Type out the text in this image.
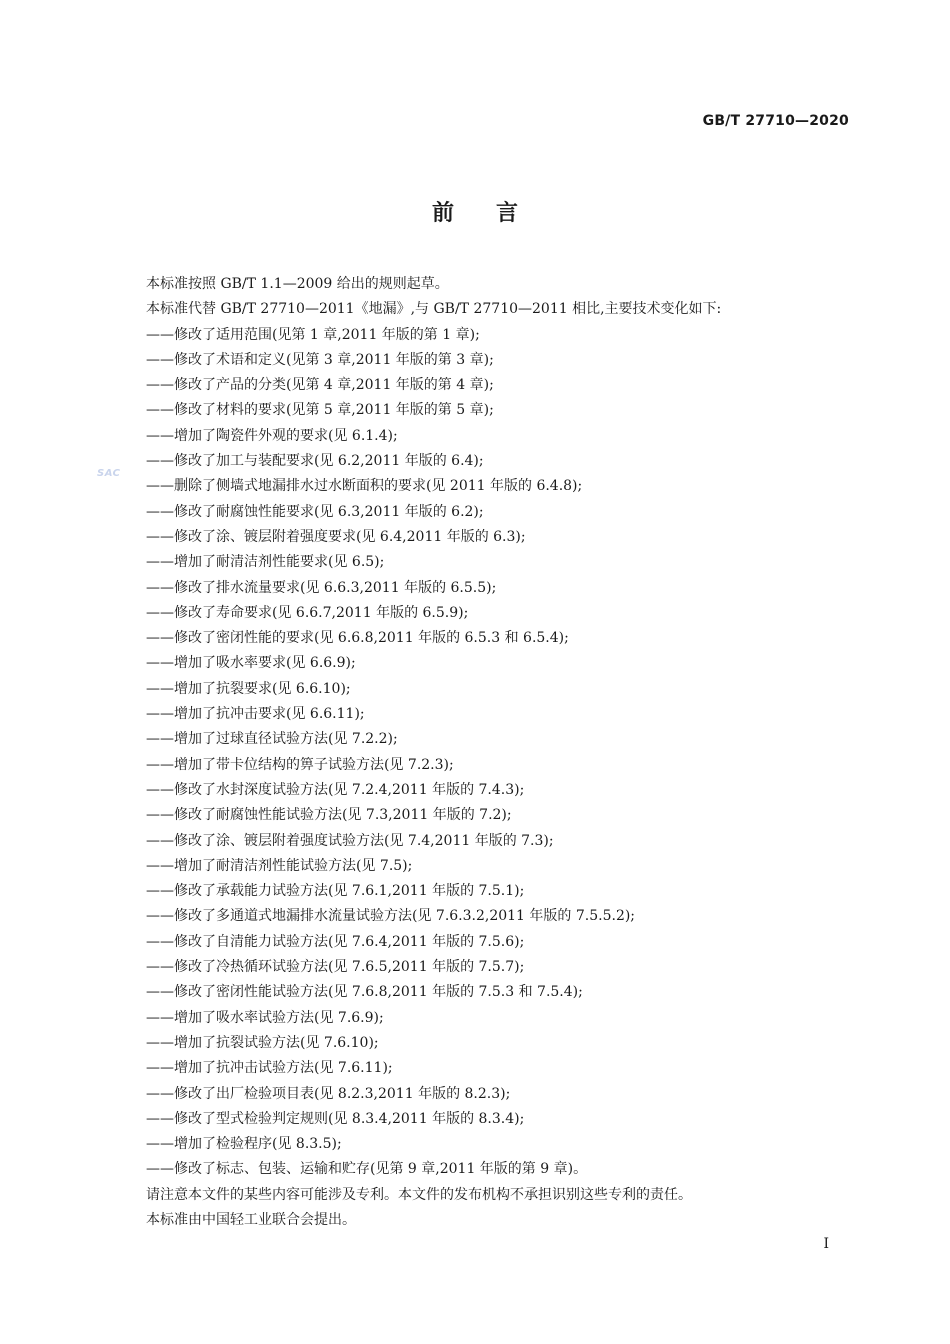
GB/T 27710—2020
前言
SAC
本标准按照 GB/T 1.1—2009 给出的规则起草。
本标准代替 GB/T 27710—2011《地漏》,与 GB/T 27710—2011 相比,主要技术变化如下:
——修改了适用范围(见第 1 章,2011 年版的第 1 章);
——修改了术语和定义(见第 3 章,2011 年版的第 3 章);
——修改了产品的分类(见第 4 章,2011 年版的第 4 章);
——修改了材料的要求(见第 5 章,2011 年版的第 5 章);
——增加了陶瓷件外观的要求(见 6.1.4);
——修改了加工与装配要求(见 6.2,2011 年版的 6.4);
——删除了侧墙式地漏排水过水断面积的要求(见 2011 年版的 6.4.8);
——修改了耐腐蚀性能要求(见 6.3,2011 年版的 6.2);
——修改了涂、镀层附着强度要求(见 6.4,2011 年版的 6.3);
——增加了耐清洁剂性能要求(见 6.5);
——修改了排水流量要求(见 6.6.3,2011 年版的 6.5.5);
——修改了寿命要求(见 6.6.7,2011 年版的 6.5.9);
——修改了密闭性能的要求(见 6.6.8,2011 年版的 6.5.3 和 6.5.4);
——增加了吸水率要求(见 6.6.9);
——增加了抗裂要求(见 6.6.10);
——增加了抗冲击要求(见 6.6.11);
——增加了过球直径试验方法(见 7.2.2);
——增加了带卡位结构的箅子试验方法(见 7.2.3);
——修改了水封深度试验方法(见 7.2.4,2011 年版的 7.4.3);
——修改了耐腐蚀性能试验方法(见 7.3,2011 年版的 7.2);
——修改了涂、镀层附着强度试验方法(见 7.4,2011 年版的 7.3);
——增加了耐清洁剂性能试验方法(见 7.5);
——修改了承载能力试验方法(见 7.6.1,2011 年版的 7.5.1);
——修改了多通道式地漏排水流量试验方法(见 7.6.3.2,2011 年版的 7.5.5.2);
——修改了自清能力试验方法(见 7.6.4,2011 年版的 7.5.6);
——修改了冷热循环试验方法(见 7.6.5,2011 年版的 7.5.7);
——修改了密闭性能试验方法(见 7.6.8,2011 年版的 7.5.3 和 7.5.4);
——增加了吸水率试验方法(见 7.6.9);
——增加了抗裂试验方法(见 7.6.10);
——增加了抗冲击试验方法(见 7.6.11);
——修改了出厂检验项目表(见 8.2.3,2011 年版的 8.2.3);
——修改了型式检验判定规则(见 8.3.4,2011 年版的 8.3.4);
——增加了检验程序(见 8.3.5);
——修改了标志、包装、运输和贮存(见第 9 章,2011 年版的第 9 章)。
请注意本文件的某些内容可能涉及专利。本文件的发布机构不承担识别这些专利的责任。
本标准由中国轻工业联合会提出。
I
